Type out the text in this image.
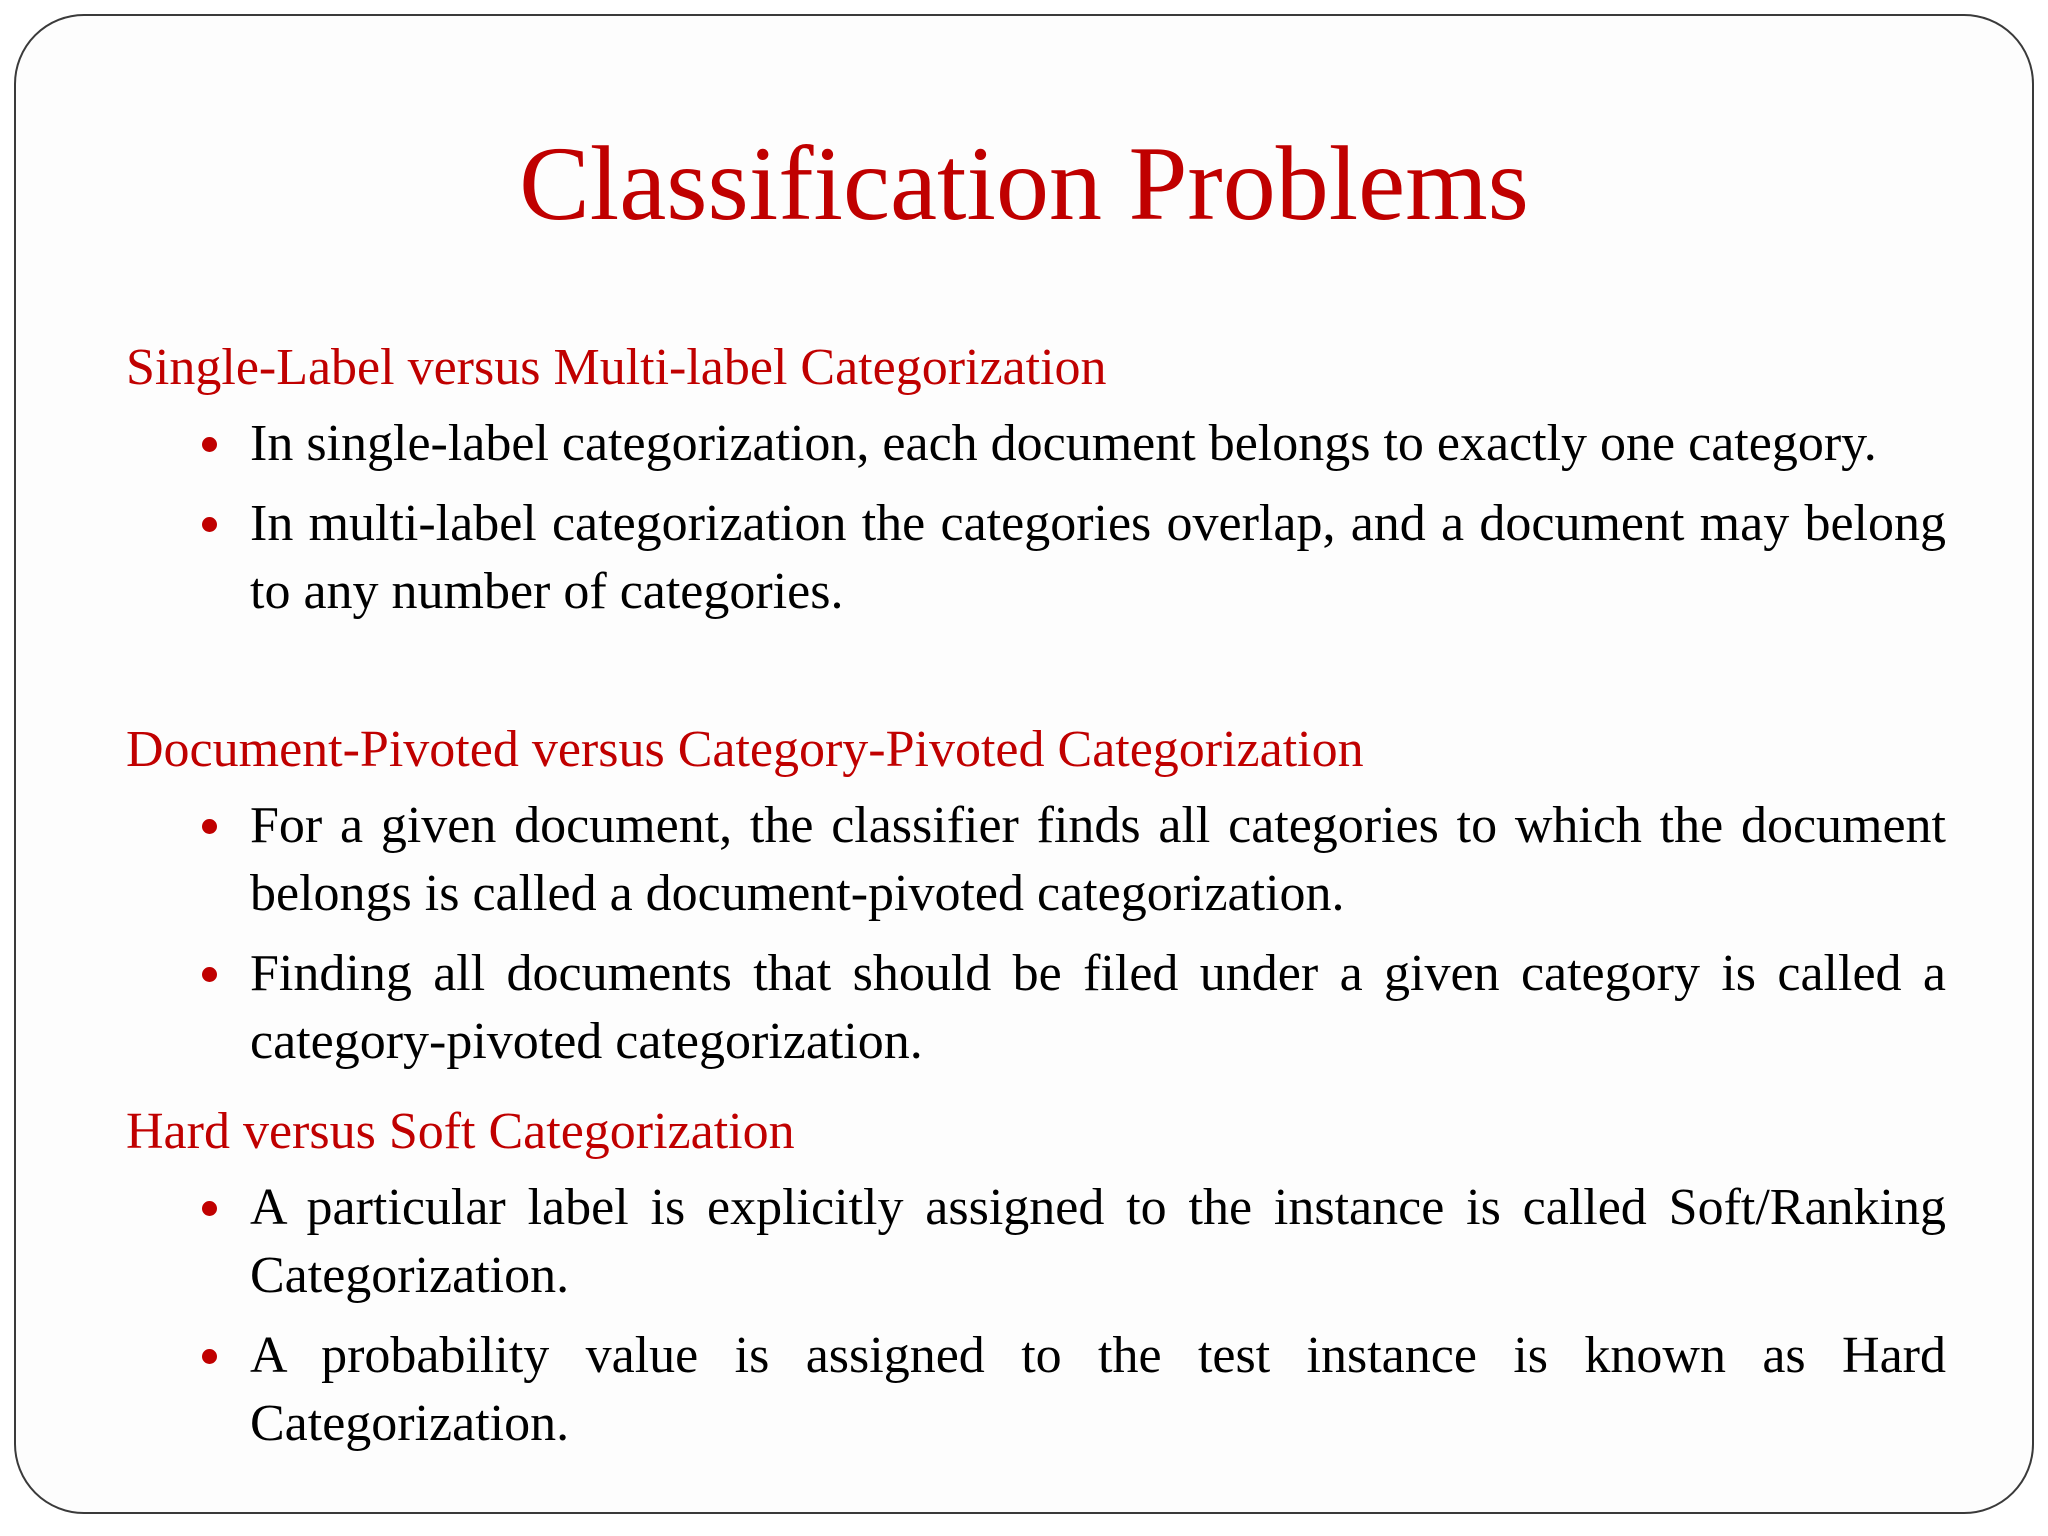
Classification Problems
Single-Label versus Multi-label Categorization
In single-label categorization, each document belongs to exactly one category.
In multi-label categorization the categories overlap, and a document may belong to any number of categories.
Document-Pivoted versus Category-Pivoted Categorization
For a given document, the classifier finds all categories to which the document belongs is called a document-pivoted categorization.
Finding all documents that should be filed under a given category is called a category-pivoted categorization.
Hard versus Soft Categorization
A particular label is explicitly assigned to the instance is called Soft/Ranking Categorization.
A probability value is assigned to the test instance is known as Hard Categorization.
